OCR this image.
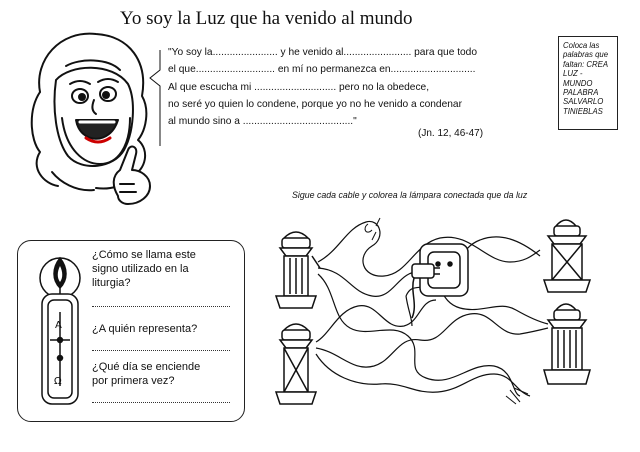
A
Ω
Yo soy la Luz que ha venido al mundo
"Yo soy la....................... y he venido al........................ para que todo
el que............................ en mí no permanezca en..............................
Al que escucha mi ............................. pero no la obedece,
no seré yo quien lo condene, porque yo no he venido a condenar
al mundo sino a ......................................."
(Jn. 12, 46-47)
Coloca las
palabras que
faltan: CREA
LUZ - MUNDO
PALABRA
SALVARLO
TINIEBLAS
Sigue cada cable y colorea la lámpara conectada que da luz
¿Cómo se llama este
signo utilizado en la
liturgia?
¿A quién representa?
¿Qué día se enciende
por primera vez?
